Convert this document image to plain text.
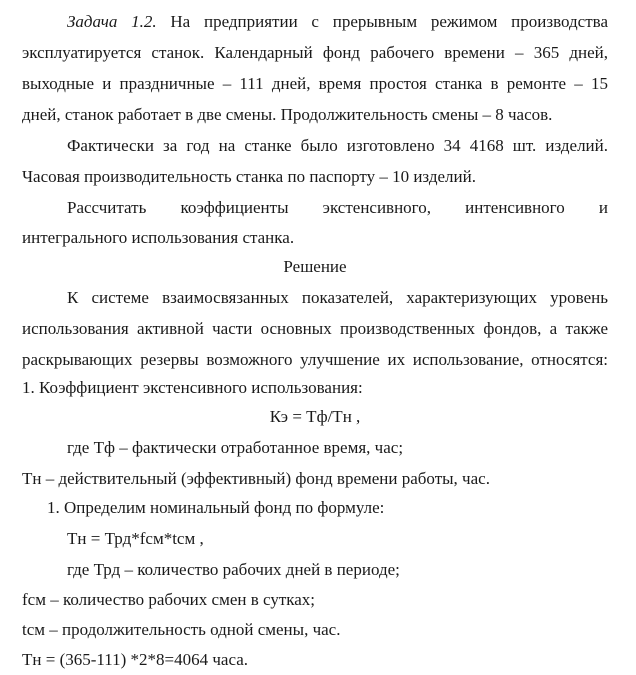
Задача 1.2. На предприятии с прерывным режимом производства
эксплуатируется станок. Календарный фонд рабочего времени – 365 дней,
выходные и праздничные – 111 дней, время простоя станка в ремонте – 15
дней, станок работает в две смены. Продолжительность смены – 8 часов.
Фактически за год на станке было изготовлено 34 4168 шт. изделий.
Часовая производительность станка по паспорту – 10 изделий.
Рассчитать коэффициенты экстенсивного, интенсивного и
интегрального использования станка.
Решение
К системе взаимосвязанных показателей, характеризующих уровень
использования активной части основных производственных фондов, а также
раскрывающих резервы возможного улучшение их использование, относятся:
1. Коэффициент экстенсивного использования:
Кэ = Тф/Тн ,
где Тф – фактически отработанное время, час;
Тн – действительный (эффективный) фонд времени работы, час.
1. Определим номинальный фонд по формуле:
Тн = Трд*fсм*tсм ,
где Трд – количество рабочих дней в периоде;
fсм – количество рабочих смен в сутках;
tсм – продолжительность одной смены, час.
Тн = (365-111) *2*8=4064 часа.
